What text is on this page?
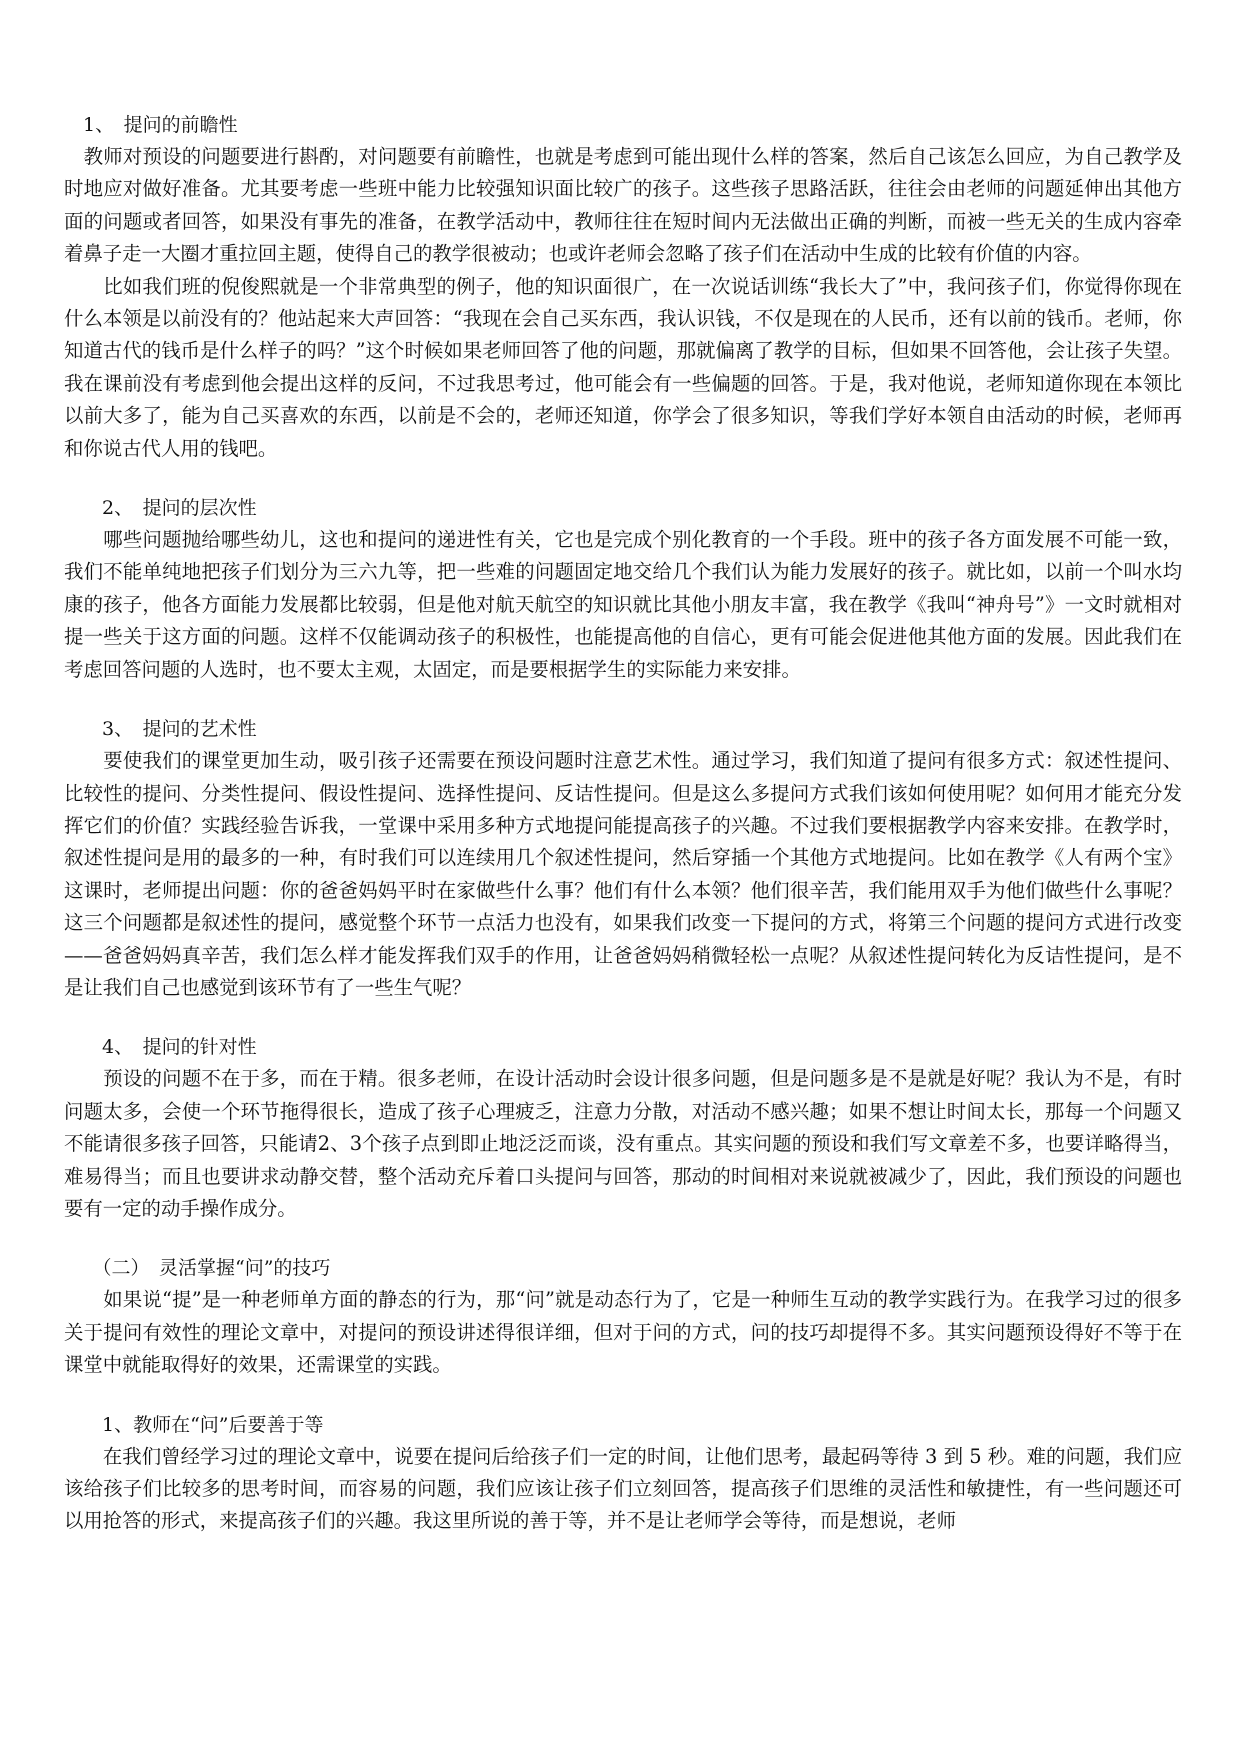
　1、　提问的前瞻性

　教师对预设的问题要进行斟酌，对问题要有前瞻性，也就是考虑到可能出现什么样的答案，然后自己该怎么回应，为自己教学及时地应对做好准备。尤其要考虑一些班中能力比较强知识面比较广的孩子。这些孩子思路活跃，往往会由老师的问题延伸出其他方面的问题或者回答，如果没有事先的准备，在教学活动中，教师往往在短时间内无法做出正确的判断，而被一些无关的生成内容牵着鼻子走一大圈才重拉回主题，使得自己的教学很被动；也或许老师会忽略了孩子们在活动中生成的比较有价值的内容。

　　比如我们班的倪俊熙就是一个非常典型的例子，他的知识面很广，在一次说话训练“我长大了”中，我问孩子们，你觉得你现在什么本领是以前没有的？他站起来大声回答：“我现在会自己买东西，我认识钱，不仅是现在的人民币，还有以前的钱币。老师，你知道古代的钱币是什么样子的吗？”这个时候如果老师回答了他的问题，那就偏离了教学的目标，但如果不回答他，会让孩子失望。我在课前没有考虑到他会提出这样的反问，不过我思考过，他可能会有一些偏题的回答。于是，我对他说，老师知道你现在本领比以前大多了，能为自己买喜欢的东西，以前是不会的，老师还知道，你学会了很多知识，等我们学好本领自由活动的时候，老师再和你说古代人用的钱吧。

　　2、　提问的层次性

　　哪些问题抛给哪些幼儿，这也和提问的递进性有关，它也是完成个别化教育的一个手段。班中的孩子各方面发展不可能一致，我们不能单纯地把孩子们划分为三六九等，把一些难的问题固定地交给几个我们认为能力发展好的孩子。就比如，以前一个叫水均康的孩子，他各方面能力发展都比较弱，但是他对航天航空的知识就比其他小朋友丰富，我在教学《我叫“神舟号”》一文时就相对提一些关于这方面的问题。这样不仅能调动孩子的积极性，也能提高他的自信心，更有可能会促进他其他方面的发展。因此我们在考虑回答问题的人选时，也不要太主观，太固定，而是要根据学生的实际能力来安排。

　　3、　提问的艺术性

　　要使我们的课堂更加生动，吸引孩子还需要在预设问题时注意艺术性。通过学习，我们知道了提问有很多方式：叙述性提问、比较性的提问、分类性提问、假设性提问、选择性提问、反诘性提问。但是这么多提问方式我们该如何使用呢？如何用才能充分发挥它们的价值？实践经验告诉我，一堂课中采用多种方式地提问能提高孩子的兴趣。不过我们要根据教学内容来安排。在教学时，叙述性提问是用的最多的一种，有时我们可以连续用几个叙述性提问，然后穿插一个其他方式地提问。比如在教学《人有两个宝》这课时，老师提出问题：你的爸爸妈妈平时在家做些什么事？他们有什么本领？他们很辛苦，我们能用双手为他们做些什么事呢？这三个问题都是叙述性的提问，感觉整个环节一点活力也没有，如果我们改变一下提问的方式，将第三个问题的提问方式进行改变——爸爸妈妈真辛苦，我们怎么样才能发挥我们双手的作用，让爸爸妈妈稍微轻松一点呢？从叙述性提问转化为反诘性提问，是不是让我们自己也感觉到该环节有了一些生气呢？

　　4、　提问的针对性

　　预设的问题不在于多，而在于精。很多老师，在设计活动时会设计很多问题，但是问题多是不是就是好呢？我认为不是，有时问题太多，会使一个环节拖得很长，造成了孩子心理疲乏，注意力分散，对活动不感兴趣；如果不想让时间太长，那每一个问题又不能请很多孩子回答，只能请2、3个孩子点到即止地泛泛而谈，没有重点。其实问题的预设和我们写文章差不多，也要详略得当，难易得当；而且也要讲求动静交替，整个活动充斥着口头提问与回答，那动的时间相对来说就被减少了，因此，我们预设的问题也要有一定的动手操作成分。

　　（二）　灵活掌握“问”的技巧

　　如果说“提”是一种老师单方面的静态的行为，那“问”就是动态行为了，它是一种师生互动的教学实践行为。在我学习过的很多关于提问有效性的理论文章中，对提问的预设讲述得很详细，但对于问的方式，问的技巧却提得不多。其实问题预设得好不等于在课堂中就能取得好的效果，还需课堂的实践。

　　1、教师在“问”后要善于等

　　在我们曾经学习过的理论文章中，说要在提问后给孩子们一定的时间，让他们思考，最起码等待 3 到 5 秒。难的问题，我们应该给孩子们比较多的思考时间，而容易的问题，我们应该让孩子们立刻回答，提高孩子们思维的灵活性和敏捷性，有一些问题还可以用抢答的形式，来提高孩子们的兴趣。我这里所说的善于等，并不是让老师学会等待，而是想说，老师
